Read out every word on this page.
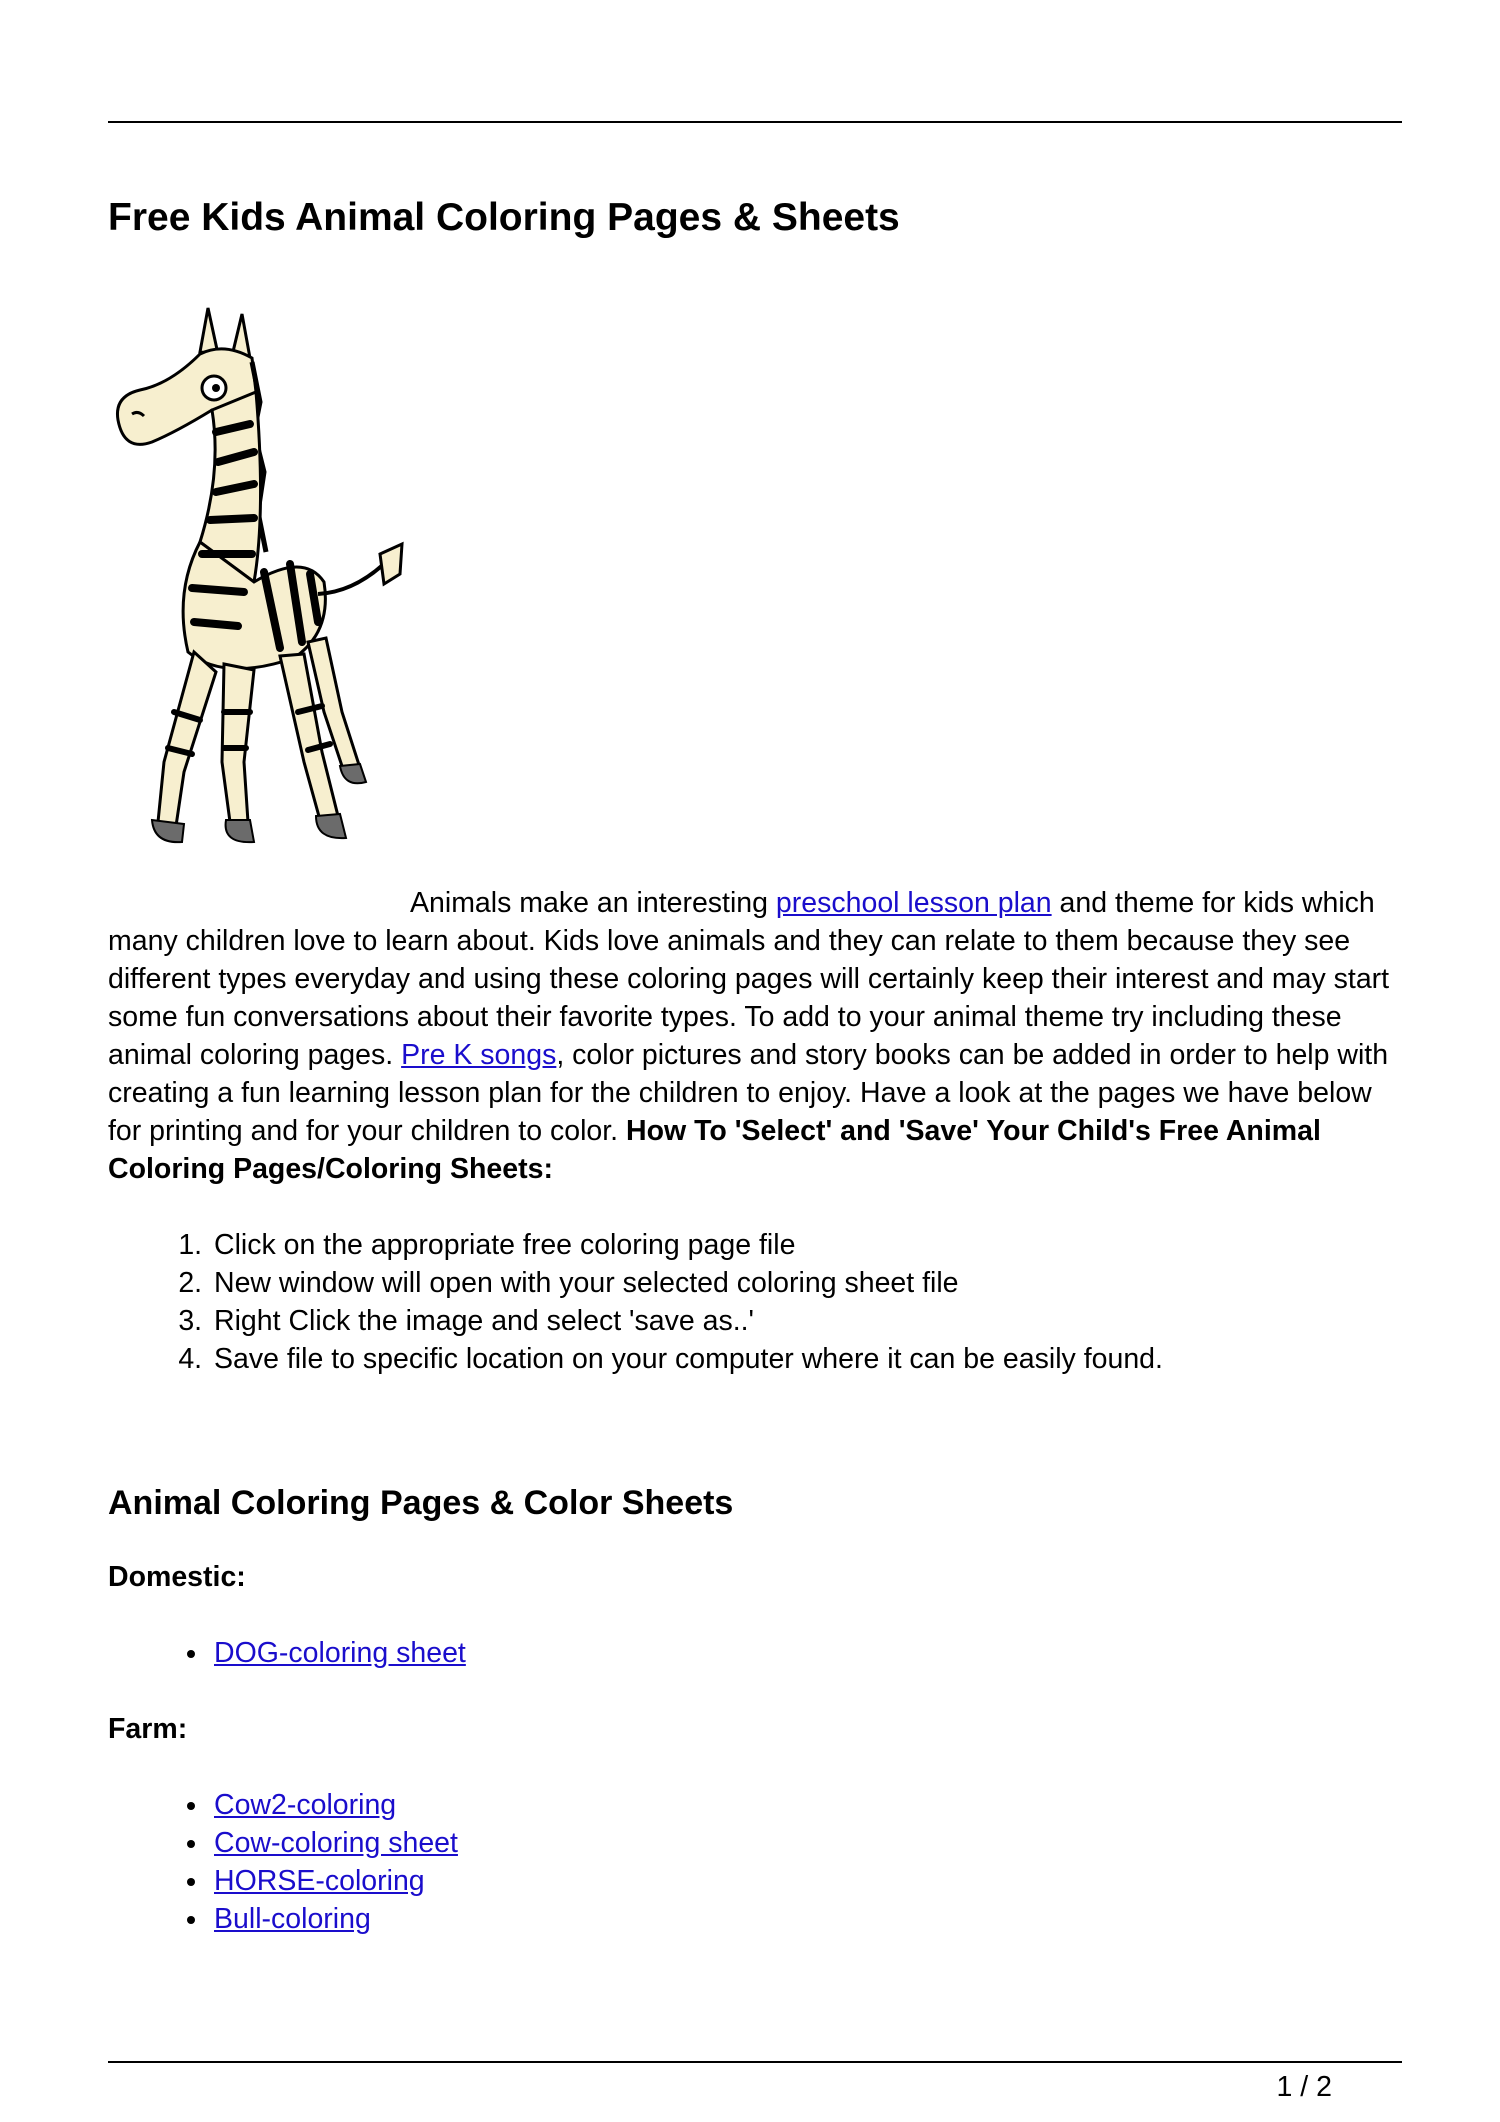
Free Kids Animal Coloring Pages & Sheets

Animals make an interesting preschool lesson plan and theme for kids which many children love to learn about. Kids love animals and they can relate to them because they see different types everyday and using these coloring pages will certainly keep their interest and may start some fun conversations about their favorite types. To add to your animal theme try including these animal coloring pages. Pre K songs, color pictures and story books can be added in order to help with creating a fun learning lesson plan for the children to enjoy. Have a look at the pages we have below for printing and for your children to color. How To 'Select' and 'Save' Your Child's Free Animal Coloring Pages/Coloring Sheets:

1. Click on the appropriate free coloring page file
2. New window will open with your selected coloring sheet file
3. Right Click the image and select 'save as..'
4. Save file to specific location on your computer where it can be easily found.
Animal Coloring Pages & Color Sheets

Domestic:

• DOG-coloring sheet

Farm:

• Cow2-coloring
• Cow-coloring sheet
• HORSE-coloring
• Bull-coloring
1 / 2
